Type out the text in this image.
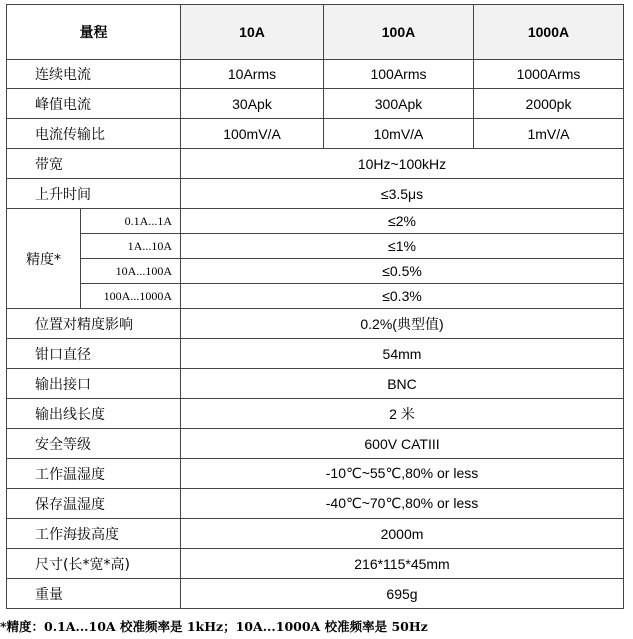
量程		10A	100A	1000A
连续电流		10Arms	100Arms	1000Arms
峰值电流		30Apk	300Apk	2000pk
电流传输比		100mV/A	10mV/A	1mV/A
带宽		10Hz~100kHz		
上升时间		≤3.5μs		
精度*	0.1A...1A	≤2%		
	1A...10A	≤1%		
	10A...100A	≤0.5%		
	100A...1000A	≤0.3%		
位置对精度影响		0.2%(典型值)		
钳口直径		54mm		
输出接口		BNC		
输出线长度		2 米		
安全等级		600V CATIII		
工作温湿度		-10℃~55℃,80% or less		
保存温湿度		-40℃~70℃,80% or less		
工作海拔高度		2000m		
尺寸(长*宽*高)		216*115*45mm		
重量		695g		
*精度：0.1A...10A 校准频率是 1kHz；10A...1000A 校准频率是 50Hz
